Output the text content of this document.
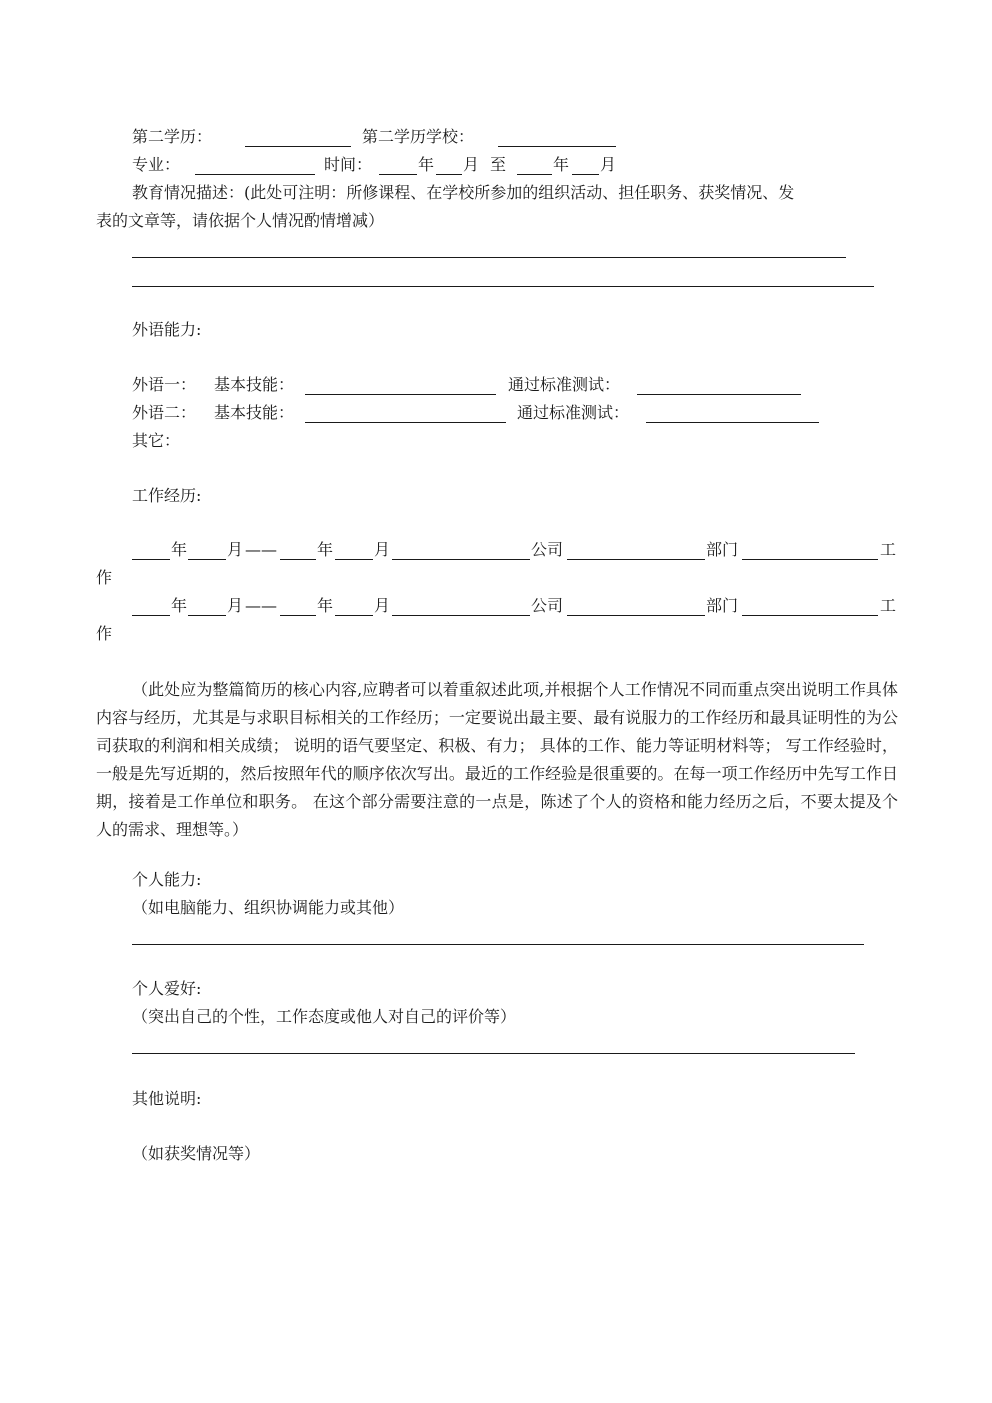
第二学历：	第二学历学校：
专业：	时间：	年 月 至	年 月
教育情况描述：(此处可注明：所修课程、在学校所参加的组织活动、担任职务、获奖情况、发
表的文章等，请依据个人情况酌情增减）
外语能力:
外语一： 基本技能：	通过标准测试：
外语二： 基本技能：	通过标准测试：
其它：
工作经历:
年 月 ——	年	月	公司	部门	工
作
年 月 ——	年	月	公司	部门	工
作
（此处应为整篇简历的核心内容,应聘者可以着重叙述此项,并根据个人工作情况不同而重点突出说明工作具体内容与经历，尤其是与求职目标相关的工作经历；一定要说出最主要、最有说服力的工作经历和最具证明性的为公司获取的利润和相关成绩； 说明的语气要坚定、积极、有力； 具体的工作、能力等证明材料等； 写工作经验时，一般是先写近期的，然后按照年代的顺序依次写出。最近的工作经验是很重要的。在每一项工作经历中先写工作日期，接着是工作单位和职务。 在这个部分需要注意的一点是，陈述了个人的资格和能力经历之后，不要太提及个人的需求、理想等。）
个人能力:
（如电脑能力、组织协调能力或其他）
个人爱好:
（突出自己的个性，工作态度或他人对自己的评价等）
其他说明:
（如获奖情况等）
